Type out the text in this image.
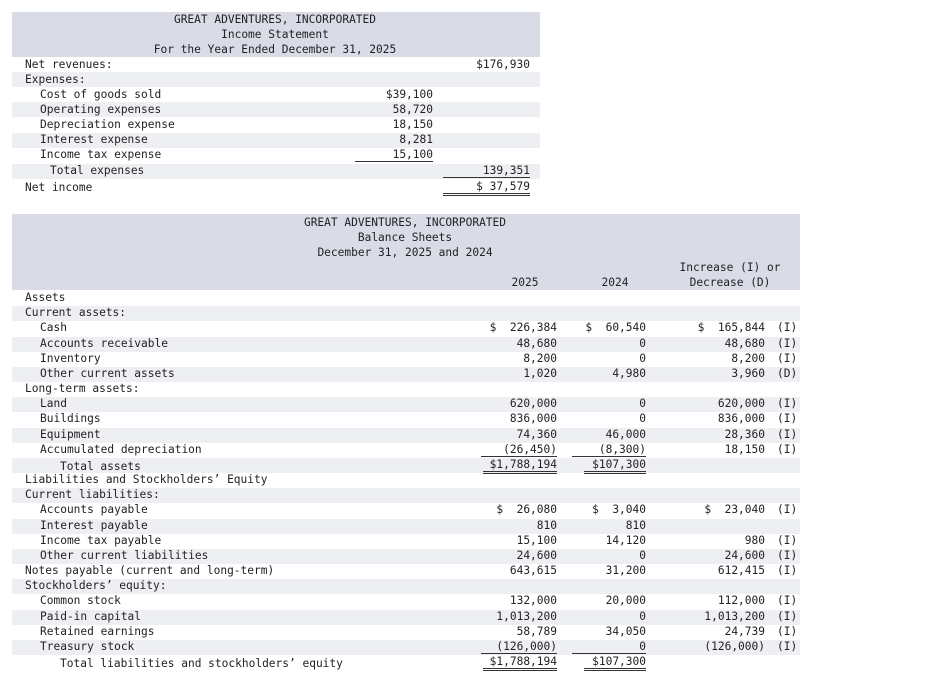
GREAT ADVENTURES, INCORPORATED
Income Statement
For the Year Ended December 31, 2025
Net revenues:	$176,930
Expenses:
Cost of goods sold	$39,100
Operating expenses	58,720
Depreciation expense	18,150
Interest expense	8,281
Income tax expense	15,100
Total expenses	139,351
Net income	$ 37,579
GREAT ADVENTURES, INCORPORATED
Balance Sheets
December 31, 2025 and 2024
2025	2024
Increase (I) or
Decrease (D)
Assets
Current assets:
Cash	$  226,384	$  60,540	$  165,844 (I)
Accounts receivable	48,680	0	48,680 (I)
Inventory	8,200	0	8,200 (I)
Other current assets	1,020	4,980	3,960 (D)
Long-term assets:
Land	620,000	0	620,000 (I)
Buildings	836,000	0	836,000 (I)
Equipment	74,360	46,000	28,360 (I)
Accumulated depreciation	(26,450)	(8,300)	18,150 (I)
Total assets	$1,788,194	$107,300
Liabilities and Stockholders’ Equity
Current liabilities:
Accounts payable	$  26,080	$  3,040	$  23,040 (I)
Interest payable	810	810
Income tax payable	15,100	14,120	980 (I)
Other current liabilities	24,600	0	24,600 (I)
Notes payable (current and long-term)	643,615	31,200	612,415 (I)
Stockholders’ equity:
Common stock	132,000	20,000	112,000 (I)
Paid-in capital	1,013,200	0	1,013,200 (I)
Retained earnings	58,789	34,050	24,739 (I)
Treasury stock	(126,000)	0	(126,000) (I)
Total liabilities and stockholders’ equity	$1,788,194	$107,300
